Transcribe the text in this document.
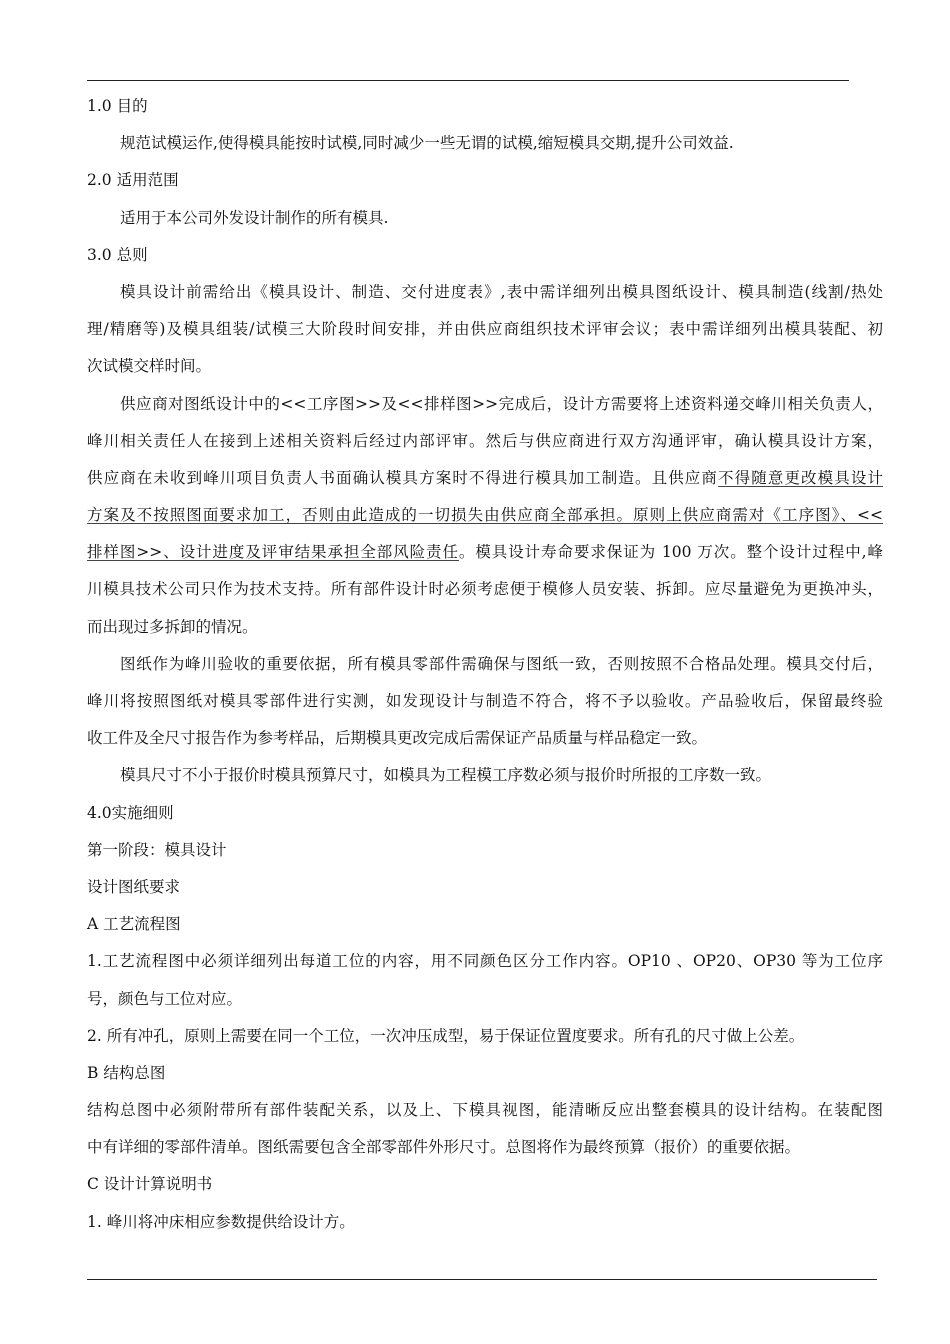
1.0 目的
规范试模运作,使得模具能按时试模,同时减少一些无谓的试模,缩短模具交期,提升公司效益.
2.0 适用范围
适用于本公司外发设计制作的所有模具.
3.0 总则
模具设计前需给出《模具设计、制造、交付进度表》,表中需详细列出模具图纸设计、模具制造(线割/热处
理/精磨等)及模具组装/试模三大阶段时间安排，并由供应商组织技术评审会议；表中需详细列出模具装配、初
次试模交样时间。
供应商对图纸设计中的<<工序图>>及<<排样图>>完成后，设计方需要将上述资料递交峰川相关负责人，
峰川相关责任人在接到上述相关资料后经过内部评审。然后与供应商进行双方沟通评审，确认模具设计方案，
供应商在未收到峰川项目负责人书面确认模具方案时不得进行模具加工制造。且供应商不得随意更改模具设计
方案及不按照图面要求加工，否则由此造成的一切损失由供应商全部承担。原则上供应商需对《工序图》、<<
排样图>>、设计进度及评审结果承担全部风险责任。模具设计寿命要求保证为 100 万次。整个设计过程中,峰
川模具技术公司只作为技术支持。所有部件设计时必须考虑便于模修人员安装、拆卸。应尽量避免为更换冲头，
而出现过多拆卸的情况。
图纸作为峰川验收的重要依据，所有模具零部件需确保与图纸一致，否则按照不合格品处理。模具交付后，
峰川将按照图纸对模具零部件进行实测，如发现设计与制造不符合，将不予以验收。产品验收后，保留最终验
收工件及全尺寸报告作为参考样品，后期模具更改完成后需保证产品质量与样品稳定一致。
模具尺寸不小于报价时模具预算尺寸，如模具为工程模工序数必须与报价时所报的工序数一致。
4.0实施细则
第一阶段：模具设计
设计图纸要求
A 工艺流程图
1.工艺流程图中必须详细列出每道工位的内容，用不同颜色区分工作内容。OP10 、OP20、OP30 等为工位序
号，颜色与工位对应。
2. 所有冲孔，原则上需要在同一个工位，一次冲压成型，易于保证位置度要求。所有孔的尺寸做上公差。
B 结构总图
结构总图中必须附带所有部件装配关系，以及上、下模具视图，能清晰反应出整套模具的设计结构。在装配图
中有详细的零部件清单。图纸需要包含全部零部件外形尺寸。总图将作为最终预算（报价）的重要依据。
C 设计计算说明书
1. 峰川将冲床相应参数提供给设计方。
